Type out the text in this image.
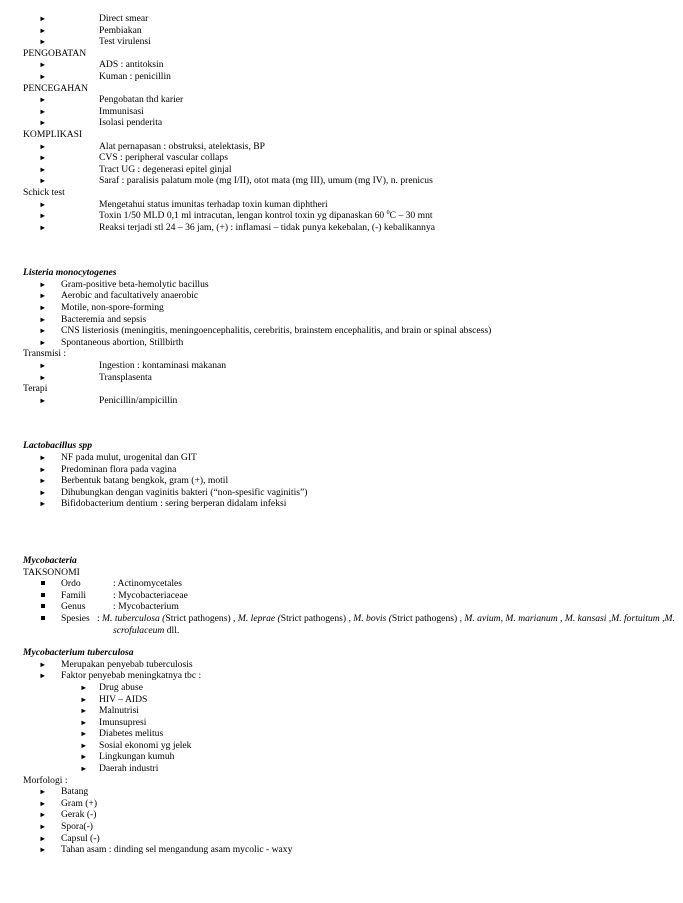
►	Direct smear
►	Pembiakan
►	Test virulensi
PENGOBATAN
►	ADS : antitoksin
►	Kuman : penicillin
PENCEGAHAN
►	Pengobatan thd karier
►	Immunisasi
►	Isolasi penderita
KOMPLIKASI
►	Alat pernapasan : obstruksi, atelektasis, BP
►	CVS : peripheral vascular collaps
►	Tract UG : degenerasi epitel ginjal
►	Saraf : paralisis palatum mole (mg I/II), otot mata (mg III), umum (mg IV), n. prenicus
Schick test
►	Mengetahui status imunitas terhadap toxin kuman diphtheri
►	Toxin 1/50 MLD 0,1 ml intracutan, lengan kontrol toxin yg dipanaskan 60 $^0$C – 30 mnt
►	Reaksi terjadi stl 24 – 36 jam, (+) : inflamasi – tidak punya kekebalan, (-) kebalikannya
Listeria monocytogenes
► Gram-positive beta-hemolytic bacillus
► Aerobic and facultatively anaerobic
► Motile, non-spore-forming
► Bacteremia and sepsis
► CNS listeriosis (meningitis, meningoencephalitis, cerebritis, brainstem encephalitis, and brain or spinal abscess)
► Spontaneous abortion, Stillbirth
Transmisi :
►	Ingestion : kontaminasi makanan
►	Transplasenta
Terapi
►	Penicillin/ampicillin
Lactobacillus spp
► NF pada mulut, urogenital dan GIT
► Predominan flora pada vagina
► Berbentuk batang bengkok, gram (+), motil
► Dihubungkan dengan vaginitis bakteri (“non-spesific vaginitis”)
► Bifidobacterium dentium : sering berperan didalam infeksi
Mycobacteria
TAKSONOMI
Ordo	: Actinomycetales
Famili	: Mycobacteriaceae
Genus	: Mycobacterium
Spesies   : M. tuberculosa (Strict pathogens) , M. leprae (Strict pathogens) , M. bovis (Strict pathogens) , M. avium, M. marianum , M. kansasi ,M. fortuitum ,M. scrofulaceum dll.
Mycobacterium tuberculosa
► Merupakan penyebab tuberculosis
► Faktor penyebab meningkatnya tbc :
► Drug abuse
► HIV – AIDS
► Malnutrisi
► Imunsupresi
► Diabetes melitus
► Sosial ekonomi yg jelek
► Lingkungan kumuh
► Daerah industri
Morfologi :
► Batang
► Gram (+)
► Gerak (-)
► Spora(-)
► Capsul (-)
► Tahan asam : dinding sel mengandung asam mycolic - waxy
